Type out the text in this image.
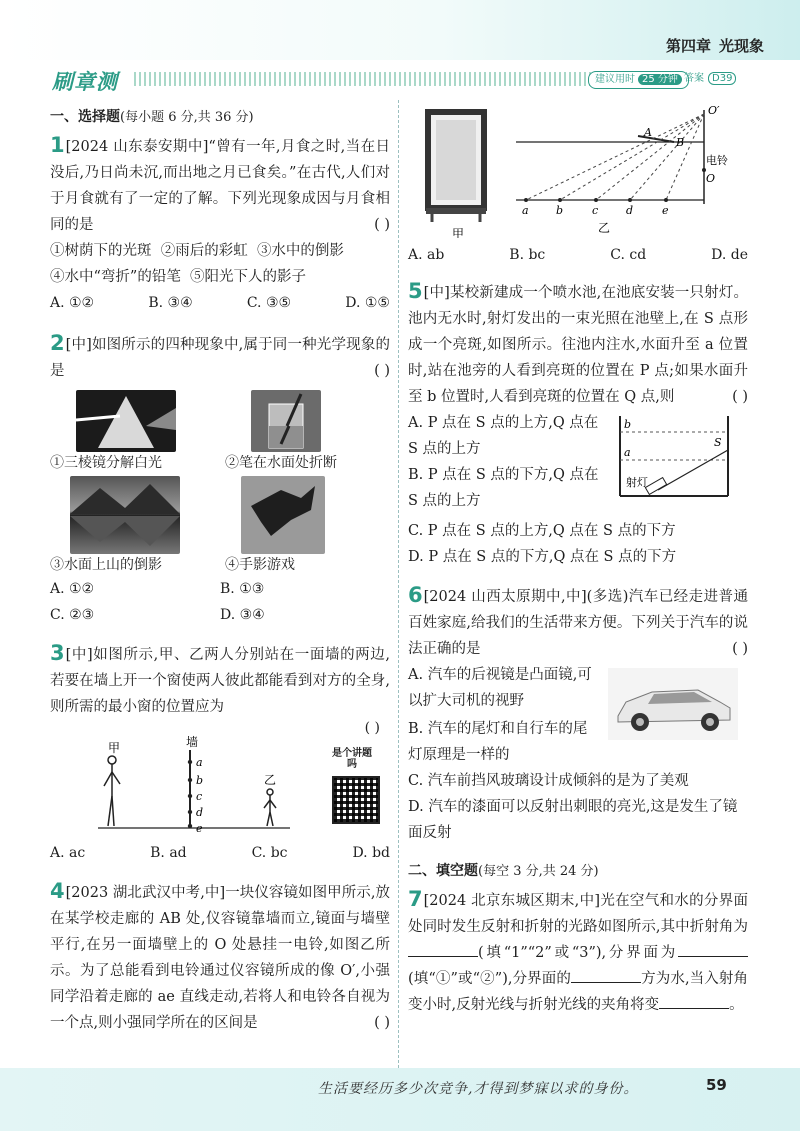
第四章 光现象
刷章测	建议用时 25 分钟 答案 D39
一、选择题(每小题 6 分,共 36 分)
1[2024 山东泰安期中]“曾有一年,月食之时,当在日没后,乃日尚未沉,而出地之月已食矣。”在古代,人们对于月食就有了一定的了解。下列光现象成因与月食相同的是	( )
①树荫下的光斑 ②雨后的彩虹 ③水中的倒影
④水中“弯折”的铅笔 ⑤阳光下人的影子
A. ①②	B. ③④	C. ③⑤	D. ①⑤
2[中]如图所示的四种现象中,属于同一种光学现象的是	( )
①三棱镜分解白光	②笔在水面处折断
③水面上山的倒影	④手影游戏
A. ①②	B. ①③
C. ②③	D. ③④
3[中]如图所示,甲、乙两人分别站在一面墙的两边,若要在墙上开一个窗使两人彼此都能看到对方的全身,则所需的最小窗的位置应为
( )
甲
乙
墙
a
b
c
d
e
是个讲题吗
A. ac	B. ad	C. bc	D. bd
4[2023 湖北武汉中考,中]一块仪容镜如图甲所示,放在某学校走廊的 AB 处,仪容镜靠墙而立,镜面与墙壁平行,在另一面墙壁上的 O 处悬挂一电铃,如图乙所示。为了总能看到电铃通过仪容镜所成的像 O′,小强同学沿着走廊的 ae 直线走动,若将人和电铃各自视为一个点,则小强同学所在的区间是	( )
甲
A
B
O′
电铃
O
a b	c	d	e
乙
A. ab	B. bc	C. cd	D. de
5[中]某校新建成一个喷水池,在池底安装一只射灯。池内无水时,射灯发出的一束光照在池壁上,在 S 点形成一个亮斑,如图所示。往池内注水,水面升至 a 位置时,站在池旁的人看到亮斑的位置在 P 点;如果水面升至 b 位置时,人看到亮斑的位置在 Q 点,则	( )
A. P 点在 S 点的上方,Q 点在 S 点的上方
B. P 点在 S 点的下方,Q 点在 S 点的上方
b
a
S
射灯
C. P 点在 S 点的上方,Q 点在 S 点的下方
D. P 点在 S 点的下方,Q 点在 S 点的下方
6[2024 山西太原期中,中](多选)汽车已经走进普通百姓家庭,给我们的生活带来方便。下列关于汽车的说法正确的是	( )
A. 汽车的后视镜是凸面镜,可以扩大司机的视野
B. 汽车的尾灯和自行车的尾灯原理是一样的
C. 汽车前挡风玻璃设计成倾斜的是为了美观
D. 汽车的漆面可以反射出刺眼的亮光,这是发生了镜面反射
二、填空题(每空 3 分,共 24 分)
7[2024 北京东城区期末,中]光在空气和水的分界面处同时发生反射和折射的光路如图所示,其中折射角为(填“1”“2”或“3”),分界面为(填“①”或“②”),分界面的	方为水,当入射角变小时,反射光线与折射光线的夹角将变	。
生活要经历多少次竞争,才得到梦寐以求的身份。	59
